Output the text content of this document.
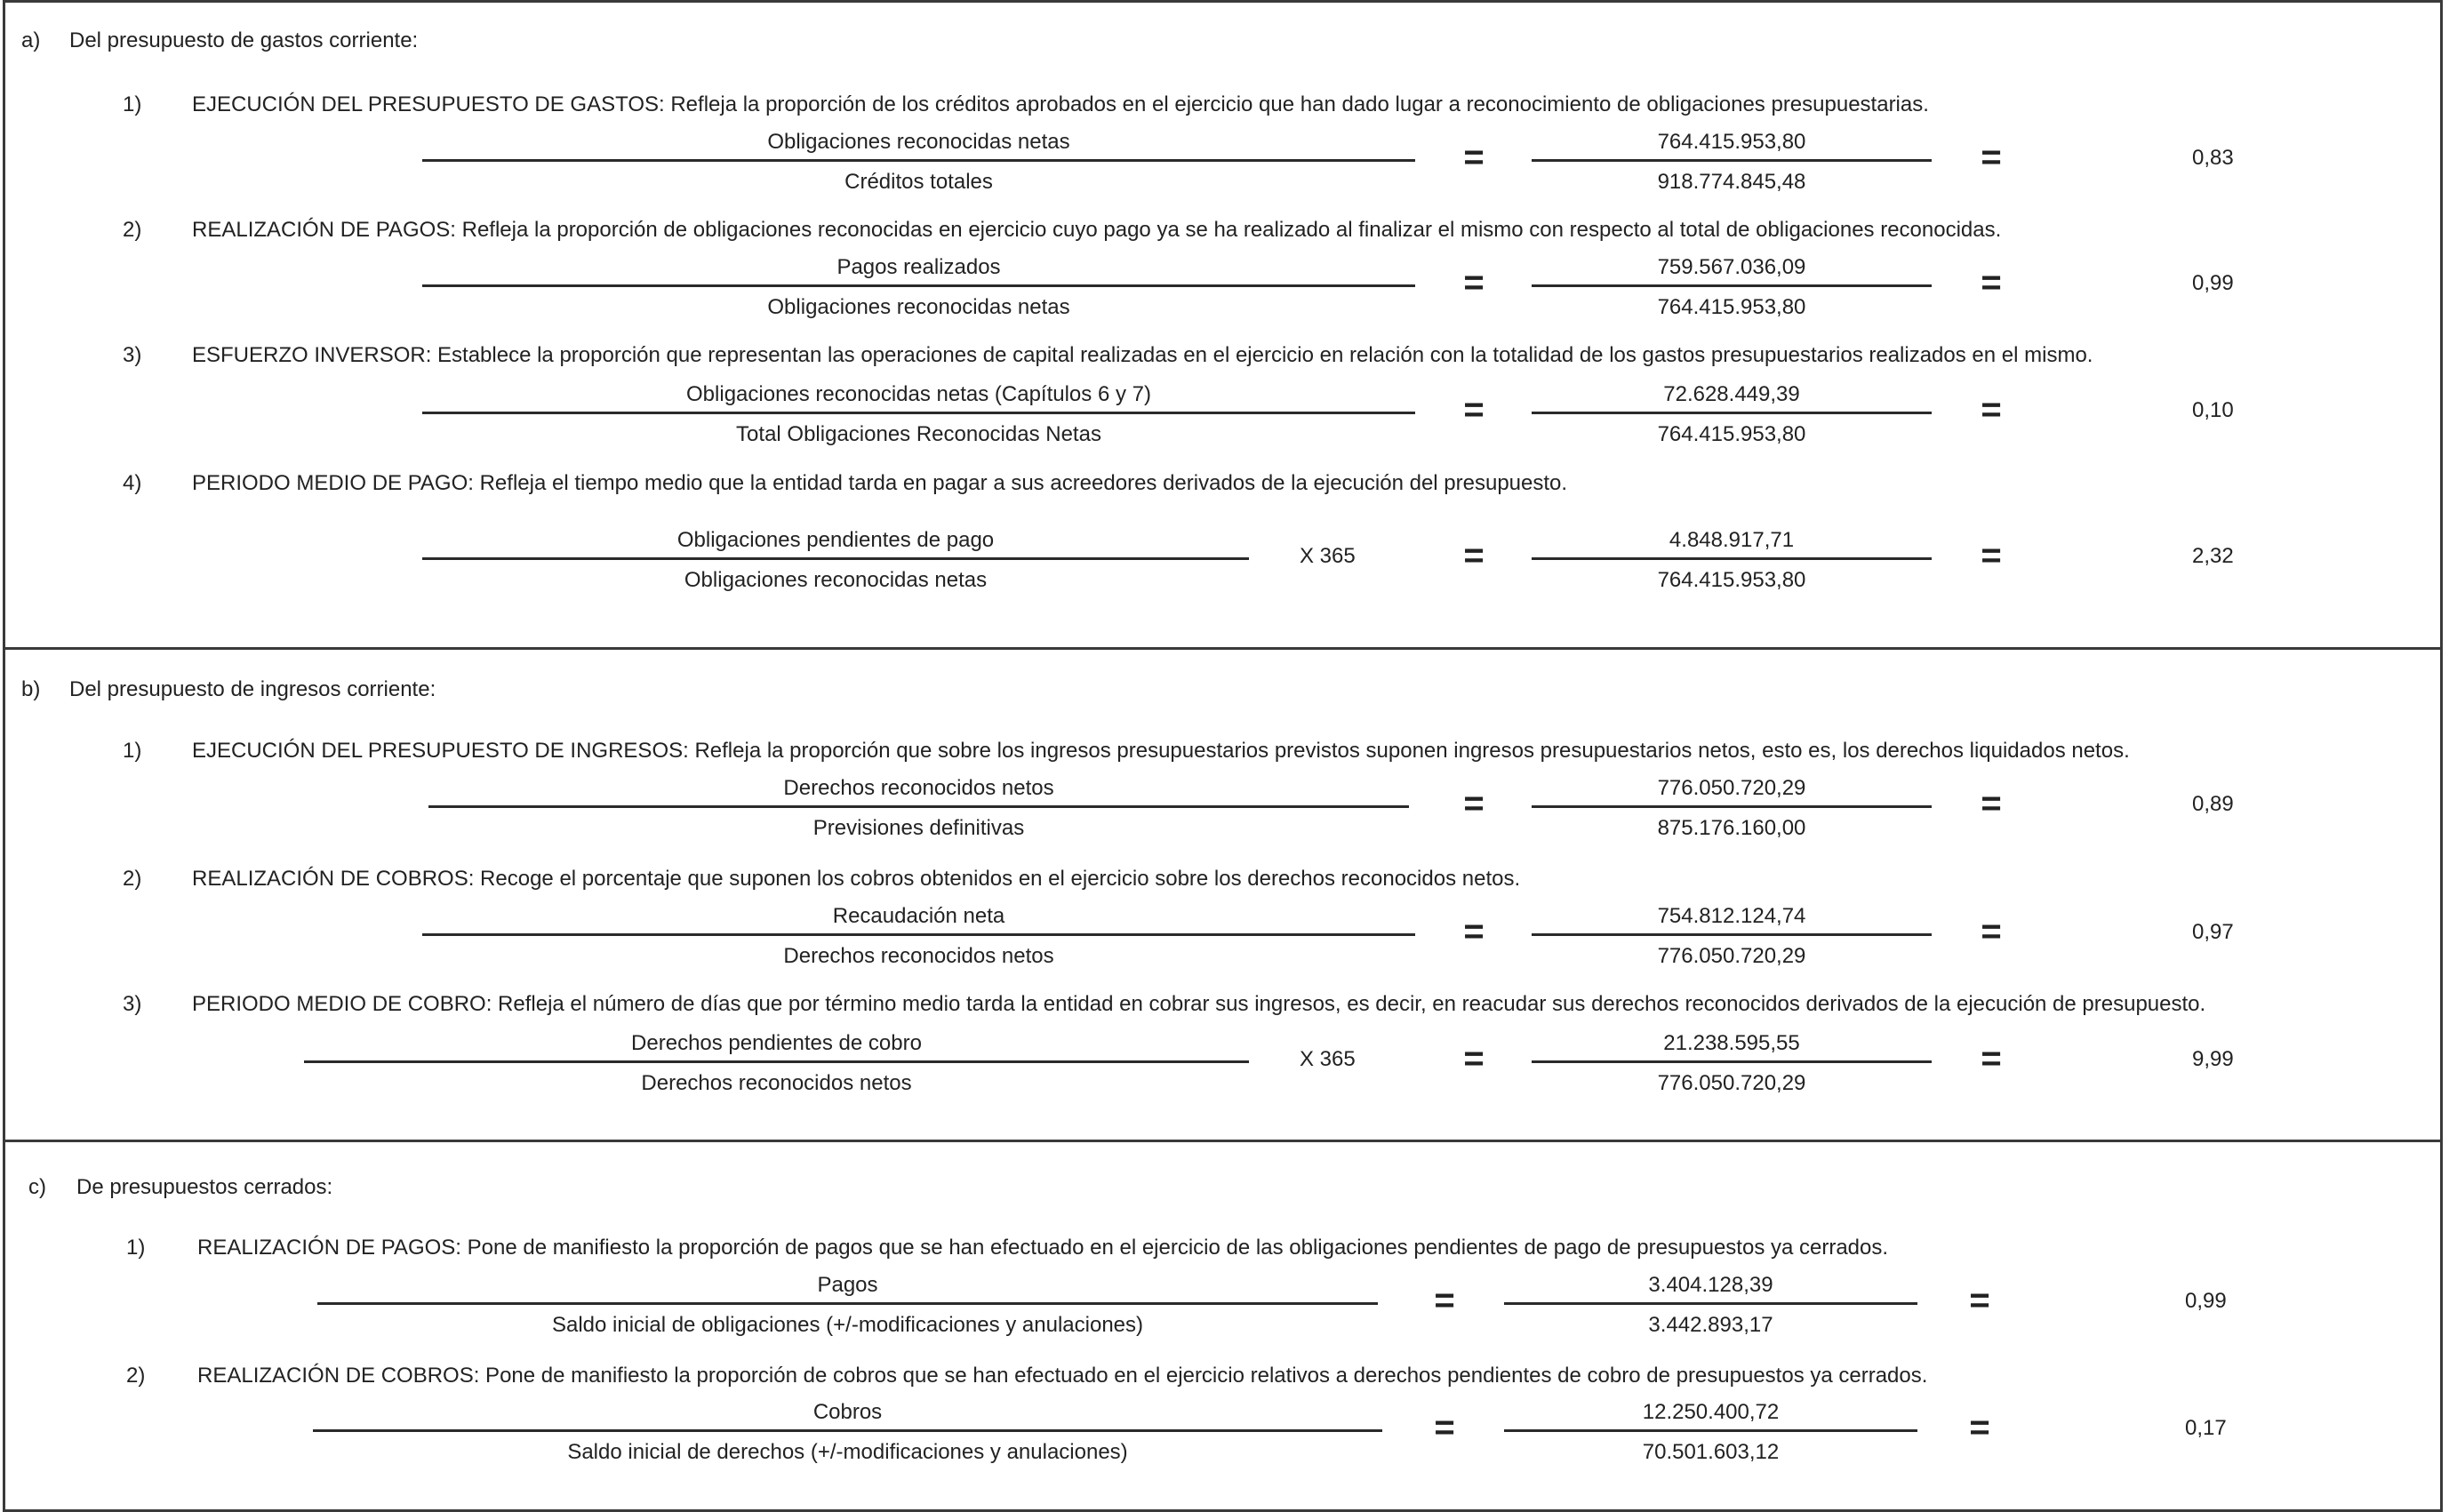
a) Del presupuesto de gastos corriente:
1) EJECUCIÓN DEL PRESUPUESTO DE GASTOS: Refleja la proporción de los créditos aprobados en el ejercicio que han dado lugar a reconocimiento de obligaciones presupuestarias.
Obligaciones reconocidas netas
Créditos totales
=	764.415.953,80
918.774.845,48
=	0,83
2) REALIZACIÓN DE PAGOS: Refleja la proporción de obligaciones reconocidas en ejercicio cuyo pago ya se ha realizado al finalizar el mismo con respecto al total de obligaciones reconocidas.
Pagos realizados
Obligaciones reconocidas netas
=	759.567.036,09
764.415.953,80
=	0,99
3) ESFUERZO INVERSOR: Establece la proporción que representan las operaciones de capital realizadas en el ejercicio en relación con la totalidad de los gastos presupuestarios realizados en el mismo.
Obligaciones reconocidas netas (Capítulos 6 y 7)
Total Obligaciones Reconocidas Netas
=	72.628.449,39
764.415.953,80
=	0,10
4) PERIODO MEDIO DE PAGO: Refleja el tiempo medio que la entidad tarda en pagar a sus acreedores derivados de la ejecución del presupuesto.
Obligaciones pendientes de pago
Obligaciones reconocidas netas
X 365	=	4.848.917,71
764.415.953,80
=	2,32
b) Del presupuesto de ingresos corriente:
1) EJECUCIÓN DEL PRESUPUESTO DE INGRESOS: Refleja la proporción que sobre los ingresos presupuestarios previstos suponen ingresos presupuestarios netos, esto es, los derechos liquidados netos.
Derechos reconocidos netos
Previsiones definitivas
=	776.050.720,29
875.176.160,00
=	0,89
2) REALIZACIÓN DE COBROS: Recoge el porcentaje que suponen los cobros obtenidos en el ejercicio sobre los derechos reconocidos netos.
Recaudación neta
Derechos reconocidos netos
=	754.812.124,74
776.050.720,29
=	0,97
3) PERIODO MEDIO DE COBRO: Refleja el número de días que por término medio tarda la entidad en cobrar sus ingresos, es decir, en reacudar sus derechos reconocidos derivados de la ejecución de presupuesto.
Derechos pendientes de cobro
Derechos reconocidos netos
X 365	=	21.238.595,55
776.050.720,29
=	9,99
c) De presupuestos cerrados:
1) REALIZACIÓN DE PAGOS: Pone de manifiesto la proporción de pagos que se han efectuado en el ejercicio de las obligaciones pendientes de pago de presupuestos ya cerrados.
Pagos
Saldo inicial de obligaciones (+/-modificaciones y anulaciones)
=	3.404.128,39
3.442.893,17
=	0,99
2) REALIZACIÓN DE COBROS: Pone de manifiesto la proporción de cobros que se han efectuado en el ejercicio relativos a derechos pendientes de cobro de presupuestos ya cerrados.
Cobros
Saldo inicial de derechos (+/-modificaciones y anulaciones)
=	12.250.400,72
70.501.603,12
=	0,17
